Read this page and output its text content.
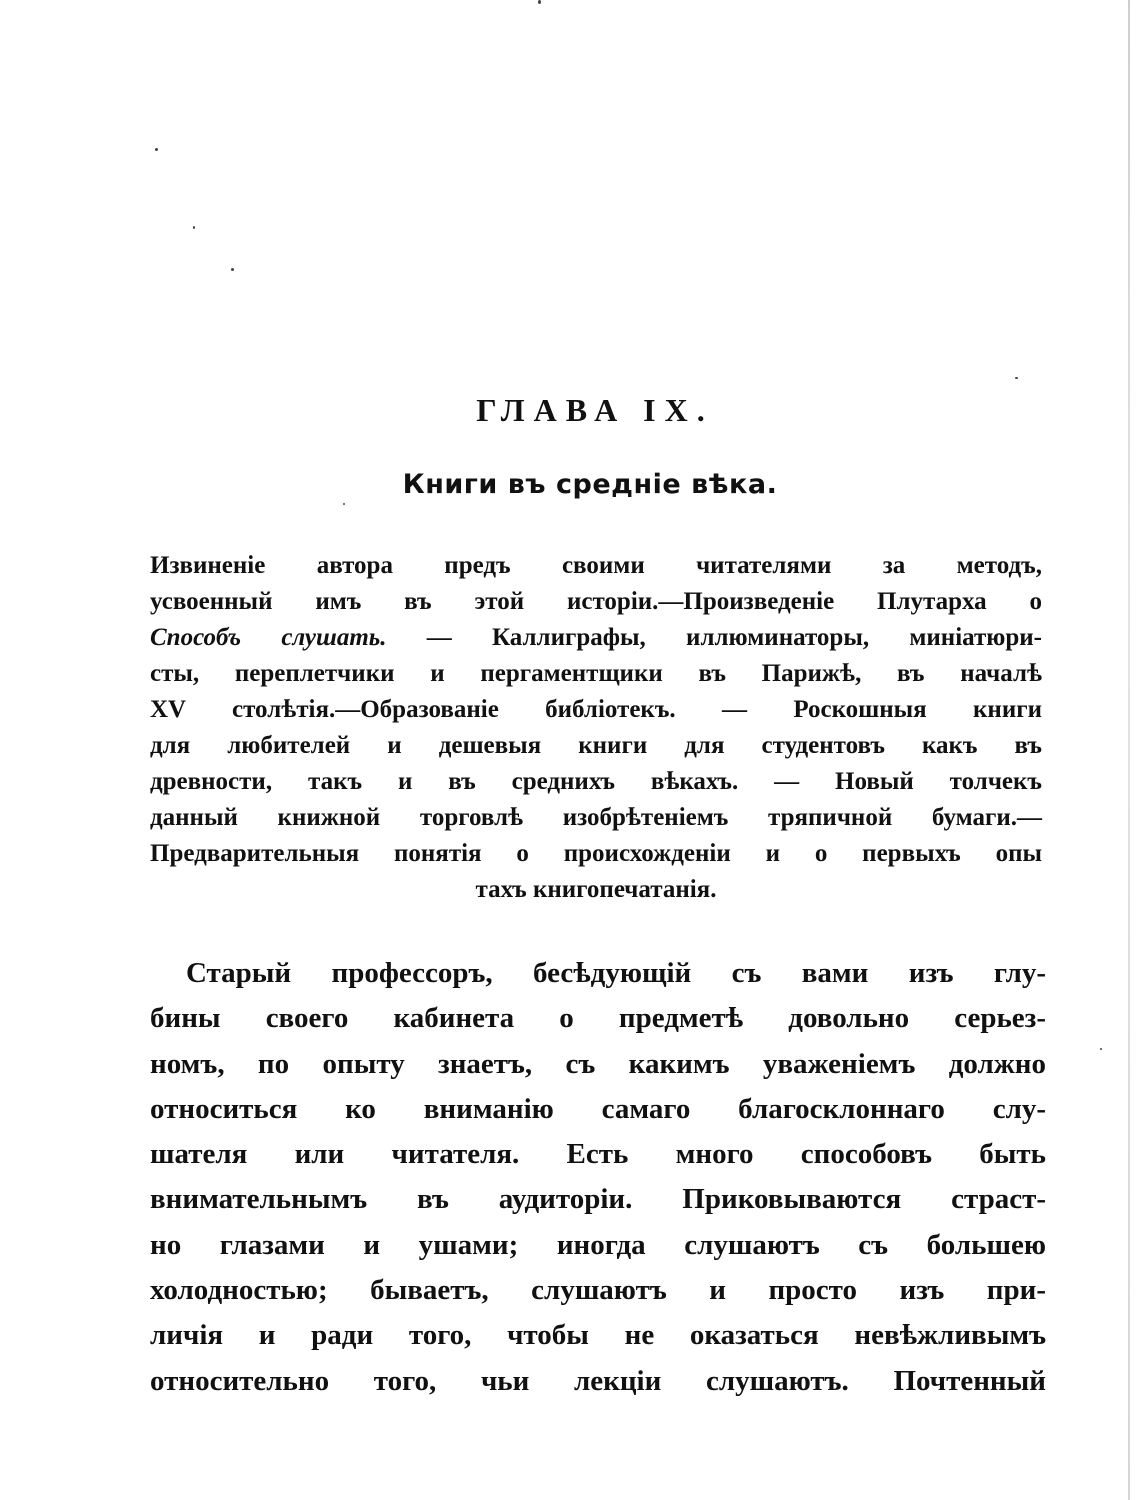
ГЛАВА IX.
Книги въ средніе вѣка.
Извиненіе автора предъ своими читателями за методъ,
усвоенный имъ въ этой исторіи.—Произведеніе Плутарха о
Способъ слушать. — Каллиграфы, иллюминаторы, миніатюри-
сты, переплетчики и пергаментщики въ Парижѣ, въ началѣ
XV столѣтія.—Образованіе библіотекъ. — Роскошныя книги
для любителей и дешевыя книги для студентовъ какъ въ
древности, такъ и въ среднихъ вѣкахъ. — Новый толчекъ
данный книжной торговлѣ изобрѣтеніемъ тряпичной бумаги.—
Предварительныя понятія о происхожденіи и о первыхъ опы
тахъ книгопечатанія.
Старый профессоръ, бесѣдующій съ вами изъ глу-
бины своего кабинета о предметѣ довольно серьез-
номъ, по опыту знаетъ, съ какимъ уваженіемъ должно
относиться ко вниманію самаго благосклоннаго слу-
шателя или читателя. Есть много способовъ быть
внимательнымъ въ аудиторіи. Приковываются страст-
но глазами и ушами; иногда слушаютъ съ большею
холодностью; бываетъ, слушаютъ и просто изъ при-
личія и ради того, чтобы не оказаться невѣжливымъ
относительно того, чьи лекціи слушаютъ. Почтенный
